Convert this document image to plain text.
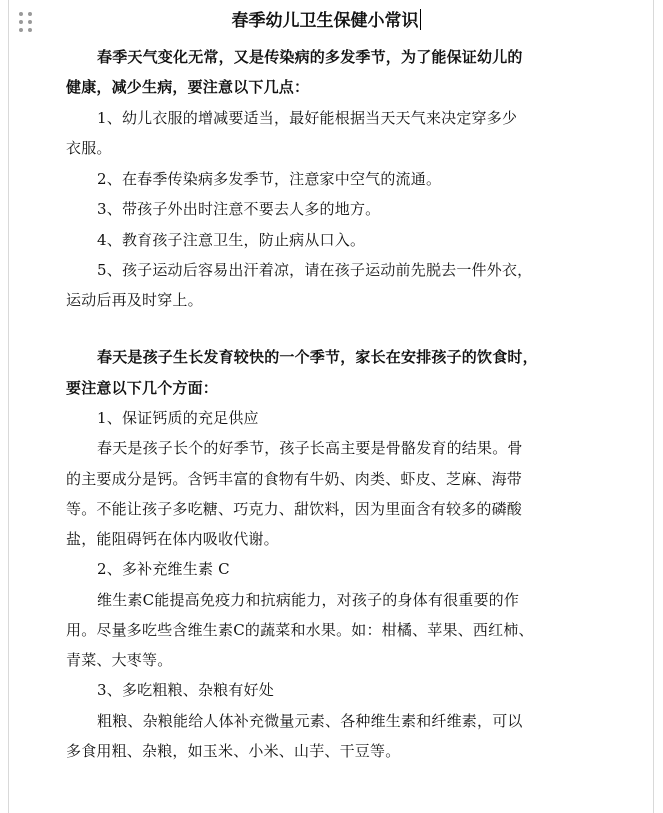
春季幼儿卫生保健小常识
春季天气变化无常，又是传染病的多发季节，为了能保证幼儿的
健康，减少生病，要注意以下几点：
1、幼儿衣服的增减要适当，最好能根据当天天气来决定穿多少
衣服。
2、在春季传染病多发季节，注意家中空气的流通。
3、带孩子外出时注意不要去人多的地方。
4、教育孩子注意卫生，防止病从口入。
5、孩子运动后容易出汗着凉，请在孩子运动前先脱去一件外衣，
运动后再及时穿上。
春天是孩子生长发育较快的一个季节，家长在安排孩子的饮食时，
要注意以下几个方面：
1、保证钙质的充足供应
春天是孩子长个的好季节，孩子长高主要是骨骼发育的结果。骨
的主要成分是钙。含钙丰富的食物有牛奶、肉类、虾皮、芝麻、海带
等。不能让孩子多吃糖、巧克力、甜饮料，因为里面含有较多的磷酸
盐，能阻碍钙在体内吸收代谢。
2、多补充维生素 C
维生素C能提高免疫力和抗病能力，对孩子的身体有很重要的作
用。尽量多吃些含维生素C的蔬菜和水果。如：柑橘、苹果、西红柿、
青菜、大枣等。
3、多吃粗粮、杂粮有好处
粗粮、杂粮能给人体补充微量元素、各种维生素和纤维素，可以
多食用粗、杂粮，如玉米、小米、山芋、干豆等。
